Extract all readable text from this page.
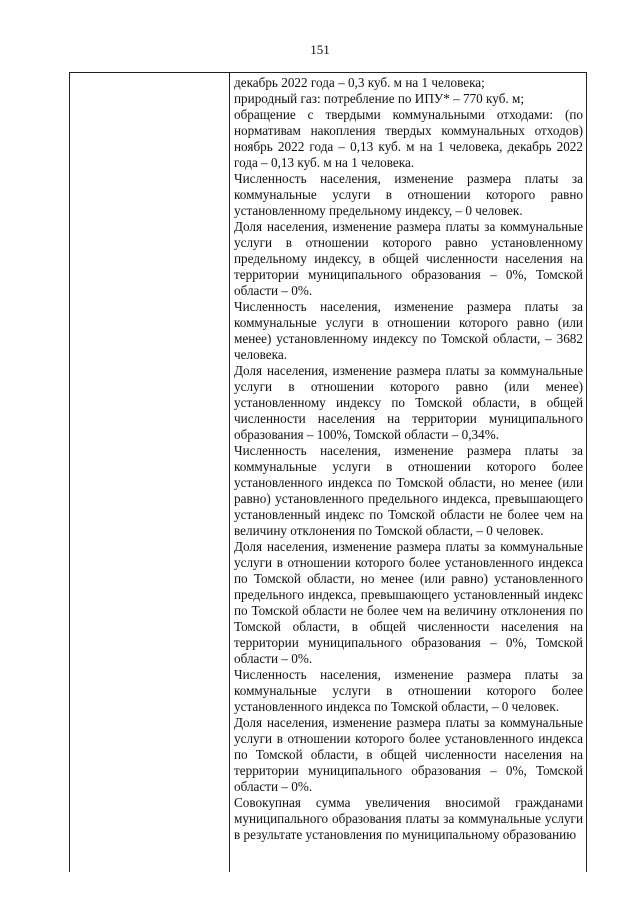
151

декабрь 2022 года – 0,3 куб. м на 1 человека;

природный газ: потребление по ИПУ* – 770 куб. м;

обращение с твердыми коммунальными отходами: (по нормативам накопления твердых коммунальных отходов) ноябрь 2022 года – 0,13 куб. м на 1 человека, декабрь 2022 года – 0,13 куб. м на 1 человека.

Численность населения, изменение размера платы за коммунальные услуги в отношении которого равно установленному предельному индексу, – 0 человек.

Доля населения, изменение размера платы за коммунальные услуги в отношении которого равно установленному предельному индексу, в общей численности населения на территории муниципального образования – 0%, Томской области – 0%.

Численность населения, изменение размера платы за коммунальные услуги в отношении которого равно (или менее) установленному индексу по Томской области, – 3682 человека.

Доля населения, изменение размера платы за коммунальные услуги в отношении которого равно (или менее) установленному индексу по Томской области, в общей численности населения на территории муниципального образования – 100%, Томской области – 0,34%.

Численность населения, изменение размера платы за коммунальные услуги в отношении которого более установленного индекса по Томской области, но менее (или равно) установленного предельного индекса, превышающего установленный индекс по Томской области не более чем на величину отклонения по Томской области, – 0 человек.

Доля населения, изменение размера платы за коммунальные услуги в отношении которого более установленного индекса по Томской области, но менее (или равно) установленного предельного индекса, превышающего установленный индекс по Томской области не более чем на величину отклонения по Томской области, в общей численности населения на территории муниципального образования – 0%, Томской области – 0%.

Численность населения, изменение размера платы за коммунальные услуги в отношении которого более установленного индекса по Томской области, – 0 человек.

Доля населения, изменение размера платы за коммунальные услуги в отношении которого более установленного индекса по Томской области, в общей численности населения на территории муниципального образования – 0%, Томской области – 0%.

Совокупная сумма увеличения вносимой гражданами муниципального образования платы за коммунальные услуги в результате установления по муниципальному образованию
